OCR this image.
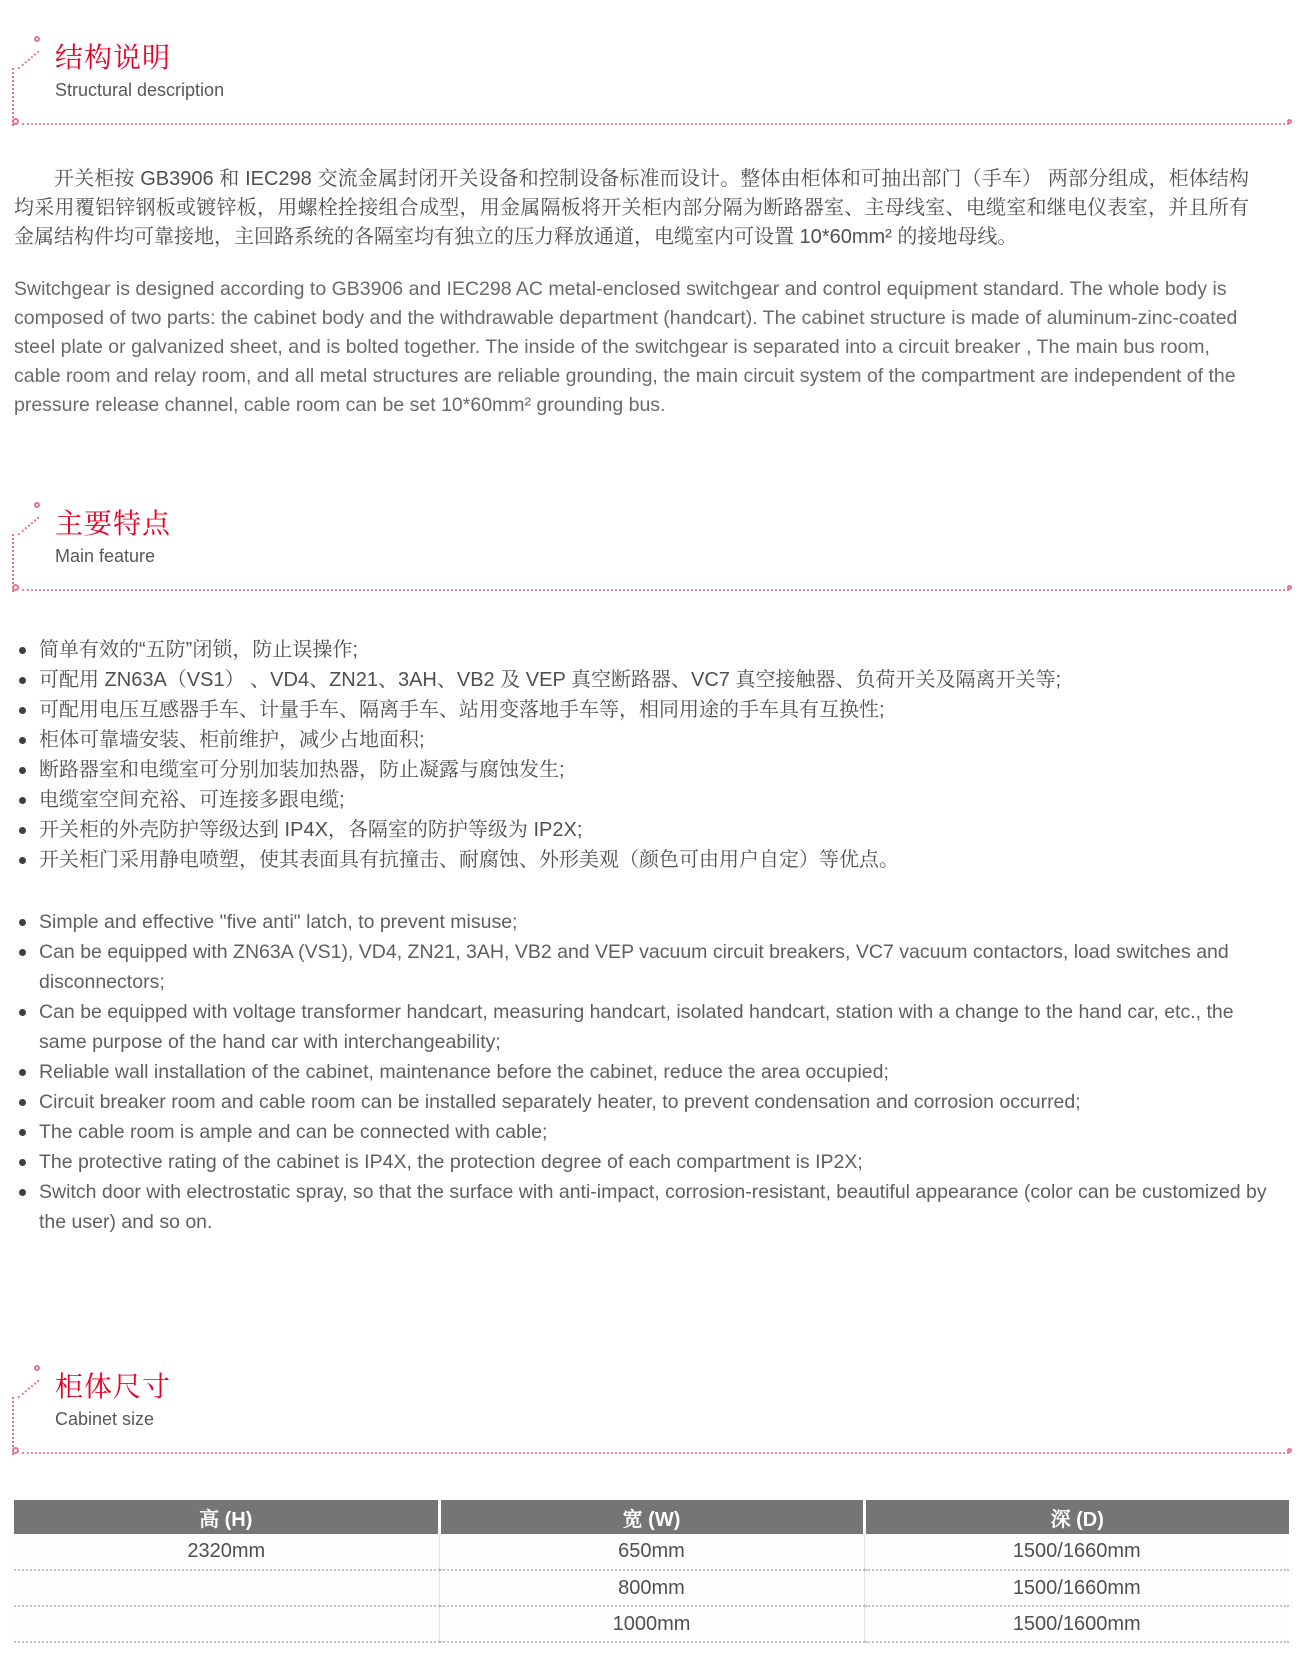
结构说明
Structural description

开关柜按 GB3906 和 IEC298 交流金属封闭开关设备和控制设备标准而设计。整体由柜体和可抽出部门（手车） 两部分组成，柜体结构均采用覆铝锌钢板或镀锌板，用螺栓拴接组合成型，用金属隔板将开关柜内部分隔为断路器室、主母线室、电缆室和继电仪表室，并且所有金属结构件均可靠接地，主回路系统的各隔室均有独立的压力释放通道，电缆室内可设置 10*60mm² 的接地母线。

Switchgear is designed according to GB3906 and IEC298 AC metal-enclosed switchgear and control equipment standard. The whole body is composed of two parts: the cabinet body and the withdrawable department (handcart). The cabinet structure is made of aluminum-zinc-coated steel plate or galvanized sheet, and is bolted together. The inside of the switchgear is separated into a circuit breaker , The main bus room, cable room and relay room, and all metal structures are reliable grounding, the main circuit system of the compartment are independent of the pressure release channel, cable room can be set 10*60mm² grounding bus.

主要特点
Main feature
简单有效的“五防”闭锁，防止误操作;
可配用 ZN63A（VS1） 、VD4、ZN21、3AH、VB2 及 VEP 真空断路器、VC7 真空接触器、负荷开关及隔离开关等;
可配用电压互感器手车、计量手车、隔离手车、站用变落地手车等，相同用途的手车具有互换性;
柜体可靠墙安装、柜前维护，减少占地面积;
断路器室和电缆室可分别加装加热器，防止凝露与腐蚀发生;
电缆室空间充裕、可连接多跟电缆;
开关柜的外壳防护等级达到 IP4X，各隔室的防护等级为 IP2X;
开关柜门采用静电喷塑，使其表面具有抗撞击、耐腐蚀、外形美观（颜色可由用户自定）等优点。
Simple and effective "five anti" latch, to prevent misuse;
Can be equipped with ZN63A (VS1), VD4, ZN21, 3AH, VB2 and VEP vacuum circuit breakers, VC7 vacuum contactors, load switches and disconnectors;
Can be equipped with voltage transformer handcart, measuring handcart, isolated handcart, station with a change to the hand car, etc., the same purpose of the hand car with interchangeability;
Reliable wall installation of the cabinet, maintenance before the cabinet, reduce the area occupied;
Circuit breaker room and cable room can be installed separately heater, to prevent condensation and corrosion occurred;
The cable room is ample and can be connected with cable;
The protective rating of the cabinet is IP4X, the protection degree of each compartment is IP2X;
Switch door with electrostatic spray, so that the surface with anti-impact, corrosion-resistant, beautiful appearance (color can be customized by the user) and so on.
柜体尺寸
Cabinet size
高 (H)	宽 (W)	深 (D)
2320mm	650mm	1500/1660mm
	800mm	1500/1660mm
	1000mm	1500/1600mm
